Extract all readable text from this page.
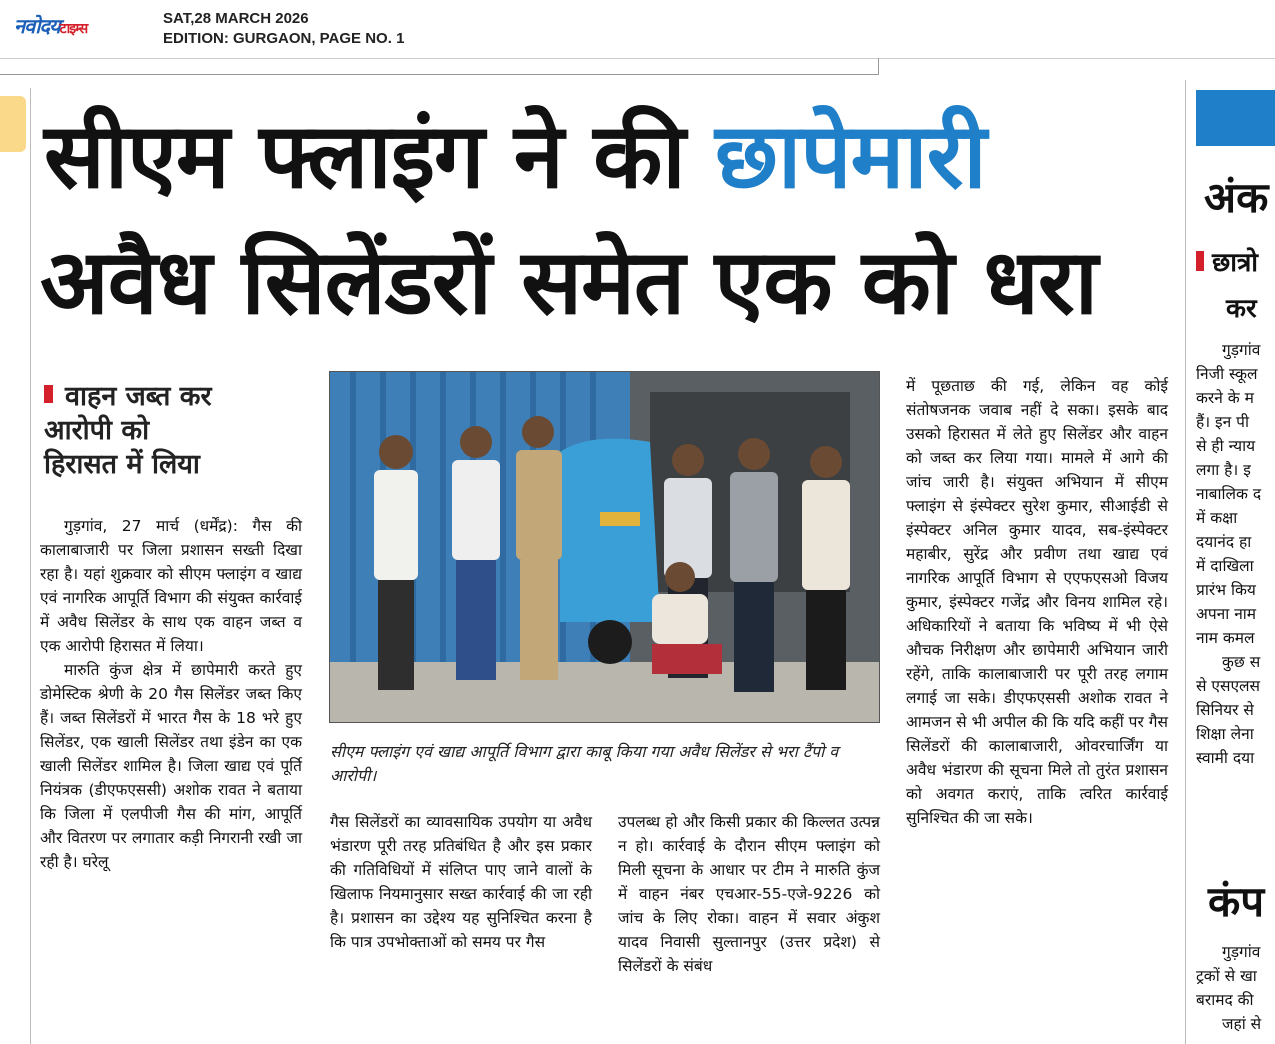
नवोदयटाइम्स
SAT,28 MARCH 2026
EDITION: GURGAON, PAGE NO. 1
सीएम फ्लाइंग ने की छापेमारी
अवैध सिलेंडरों समेत एक को धरा
वाहन जब्त कर
आरोपी को
हिरासत में लिया

गुड़गांव, 27 मार्च (धर्मेंद्र): गैस की कालाबाजारी पर जिला प्रशासन सख्ती दिखा रहा है। यहां शुक्रवार को सीएम फ्लाइंग व खाद्य एवं नागरिक आपूर्ति विभाग की संयुक्त कार्रवाई में अवैध सिलेंडर के साथ एक वाहन जब्त व एक आरोपी हिरासत में लिया।

मारुति कुंज क्षेत्र में छापेमारी करते हुए डोमेस्टिक श्रेणी के 20 गैस सिलेंडर जब्त किए हैं। जब्त सिलेंडरों में भारत गैस के 18 भरे हुए सिलेंडर, एक खाली सिलेंडर तथा इंडेन का एक खाली सिलेंडर शामिल है। जिला खाद्य एवं पूर्ति नियंत्रक (डीएफएससी) अशोक रावत ने बताया कि जिला में एलपीजी गैस की मांग, आपूर्ति और वितरण पर लगातार कड़ी निगरानी रखी जा रही है। घरेलू

सीएम फ्लाइंग एवं खाद्य आपूर्ति विभाग द्वारा काबू किया गया अवैध सिलेंडर से भरा टैंपो व आरोपी।

गैस सिलेंडरों का व्यावसायिक उपयोग या अवैध भंडारण पूरी तरह प्रतिबंधित है और इस प्रकार की गतिविधियों में संलिप्त पाए जाने वालों के खिलाफ नियमानुसार सख्त कार्रवाई की जा रही है। प्रशासन का उद्देश्य यह सुनिश्चित करना है कि पात्र उपभोक्ताओं को समय पर गैस

उपलब्ध हो और किसी प्रकार की किल्लत उत्पन्न न हो। कार्रवाई के दौरान सीएम फ्लाइंग को मिली सूचना के आधार पर टीम ने मारुति कुंज में वाहन नंबर एचआर-55-एजे-9226 को जांच के लिए रोका। वाहन में सवार अंकुश यादव निवासी सुल्तानपुर (उत्तर प्रदेश) से सिलेंडरों के संबंध

में पूछताछ की गई, लेकिन वह कोई संतोषजनक जवाब नहीं दे सका। इसके बाद उसको हिरासत में लेते हुए सिलेंडर और वाहन को जब्त कर लिया गया। मामले में आगे की जांच जारी है। संयुक्त अभियान में सीएम फ्लाइंग से इंस्पेक्टर सुरेश कुमार, सीआईडी से इंस्पेक्टर अनिल कुमार यादव, सब-इंस्पेक्टर महाबीर, सुरेंद्र और प्रवीण तथा खाद्य एवं नागरिक आपूर्ति विभाग से एएफएसओ विजय कुमार, इंस्पेक्टर गजेंद्र और विनय शामिल रहे। अधिकारियों ने बताया कि भविष्य में भी ऐसे औचक निरीक्षण और छापेमारी अभियान जारी रहेंगे, ताकि कालाबाजारी पर पूरी तरह लगाम लगाई जा सके। डीएफएससी अशोक रावत ने आमजन से भी अपील की कि यदि कहीं पर गैस सिलेंडरों की कालाबाजारी, ओवरचार्जिंग या अवैध भंडारण की सूचना मिले तो तुरंत प्रशासन को अवगत कराएं, ताकि त्वरित कार्रवाई सुनिश्चित की जा सके।

अंक
छात्रो
कर
गुड़गांव
निजी स्कूल
करने के म
हैं। इन पी
से ही न्याय
लगा है। इ
नाबालिक द
में कक्षा
दयानंद हा
में दाखिला
प्रारंभ किय
अपना नाम
नाम कमल
कुछ स
से एसएलस
सिनियर से
शिक्षा लेना
स्वामी दया
कंप
गुड़गांव
ट्रकों से खा
बरामद की
जहां से
